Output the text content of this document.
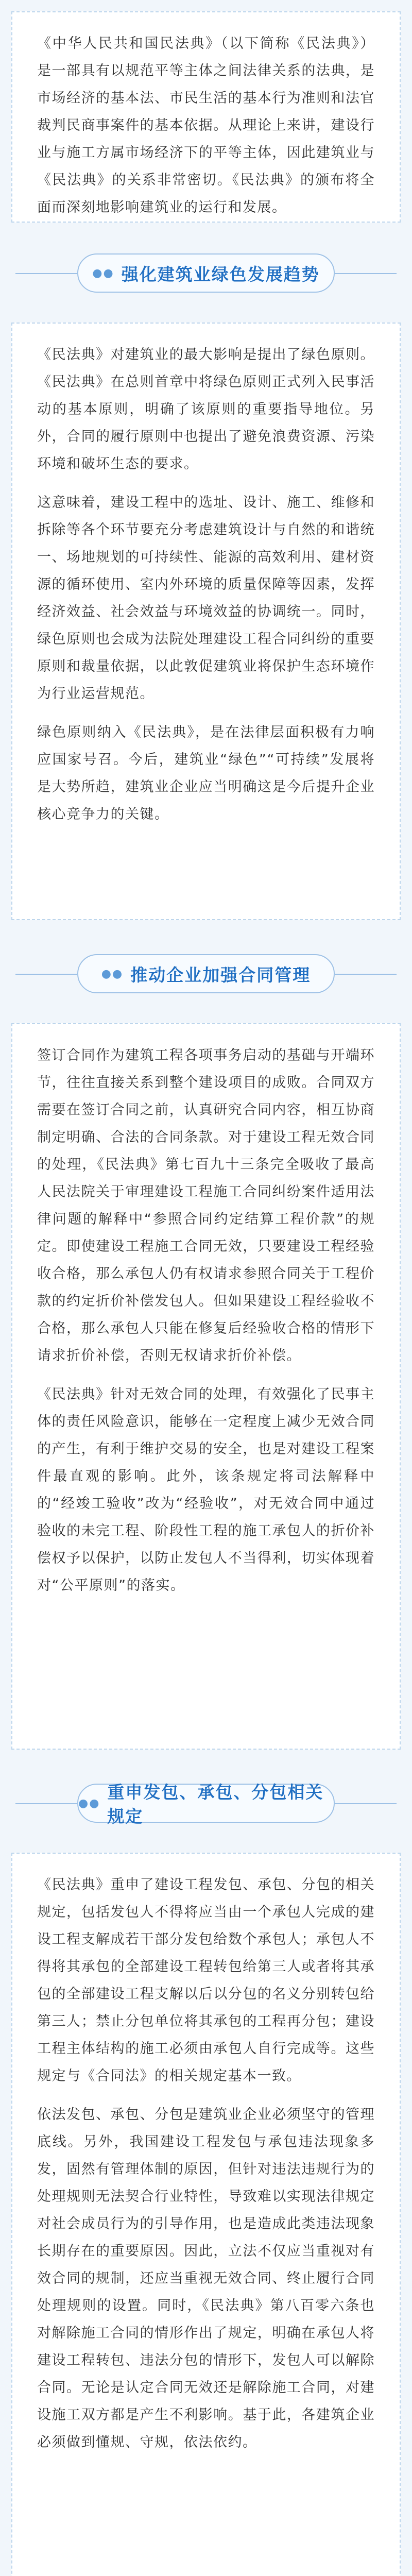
《中华人民共和国民法典》（以下简称《民法典》）是一部具有以规范平等主体之间法律关系的法典，是市场经济的基本法、市民生活的基本行为准则和法官裁判民商事案件的基本依据。从理论上来讲，建设行业与施工方属市场经济下的平等主体，因此建筑业与《民法典》的关系非常密切。《民法典》的颁布将全面而深刻地影响建筑业的运行和发展。

●● 强化建筑业绿色发展趋势

《民法典》对建筑业的最大影响是提出了绿色原则。《民法典》在总则首章中将绿色原则正式列入民事活动的基本原则，明确了该原则的重要指导地位。另外，合同的履行原则中也提出了避免浪费资源、污染环境和破坏生态的要求。

这意味着，建设工程中的选址、设计、施工、维修和拆除等各个环节要充分考虑建筑设计与自然的和谐统一、场地规划的可持续性、能源的高效利用、建材资源的循环使用、室内外环境的质量保障等因素，发挥经济效益、社会效益与环境效益的协调统一。同时，绿色原则也会成为法院处理建设工程合同纠纷的重要原则和裁量依据，以此敦促建筑业将保护生态环境作为行业运营规范。

绿色原则纳入《民法典》，是在法律层面积极有力响应国家号召。今后，建筑业“绿色”“可持续”发展将是大势所趋，建筑业企业应当明确这是今后提升企业核心竞争力的关键。

●● 推动企业加强合同管理

签订合同作为建筑工程各项事务启动的基础与开端环节，往往直接关系到整个建设项目的成败。合同双方需要在签订合同之前，认真研究合同内容，相互协商制定明确、合法的合同条款。对于建设工程无效合同的处理，《民法典》第七百九十三条完全吸收了最高人民法院关于审理建设工程施工合同纠纷案件适用法律问题的解释中“参照合同约定结算工程价款”的规定。即使建设工程施工合同无效，只要建设工程经验收合格，那么承包人仍有权请求参照合同关于工程价款的约定折价补偿发包人。但如果建设工程经验收不合格，那么承包人只能在修复后经验收合格的情形下请求折价补偿，否则无权请求折价补偿。

《民法典》针对无效合同的处理，有效强化了民事主体的责任风险意识，能够在一定程度上减少无效合同的产生，有利于维护交易的安全，也是对建设工程案件最直观的影响。此外，该条规定将司法解释中的“经竣工验收”改为“经验收”，对无效合同中通过验收的未完工程、阶段性工程的施工承包人的折价补偿权予以保护，以防止发包人不当得利，切实体现着对“公平原则”的落实。

●●
重申发包、承包、分包相关规定

《民法典》重申了建设工程发包、承包、分包的相关规定，包括发包人不得将应当由一个承包人完成的建设工程支解成若干部分发包给数个承包人；承包人不得将其承包的全部建设工程转包给第三人或者将其承包的全部建设工程支解以后以分包的名义分别转包给第三人；禁止分包单位将其承包的工程再分包；建设工程主体结构的施工必须由承包人自行完成等。这些规定与《合同法》的相关规定基本一致。

依法发包、承包、分包是建筑业企业必须坚守的管理底线。另外，我国建设工程发包与承包违法现象多发，固然有管理体制的原因，但针对违法违规行为的处理规则无法契合行业特性，导致难以实现法律规定对社会成员行为的引导作用，也是造成此类违法现象长期存在的重要原因。因此，立法不仅应当重视对有效合同的规制，还应当重视无效合同、终止履行合同处理规则的设置。同时，《民法典》第八百零六条也对解除施工合同的情形作出了规定，明确在承包人将建设工程转包、违法分包的情形下，发包人可以解除合同。无论是认定合同无效还是解除施工合同，对建设施工双方都是产生不利影响。基于此，各建筑企业必须做到懂规、守规，依法依约。
